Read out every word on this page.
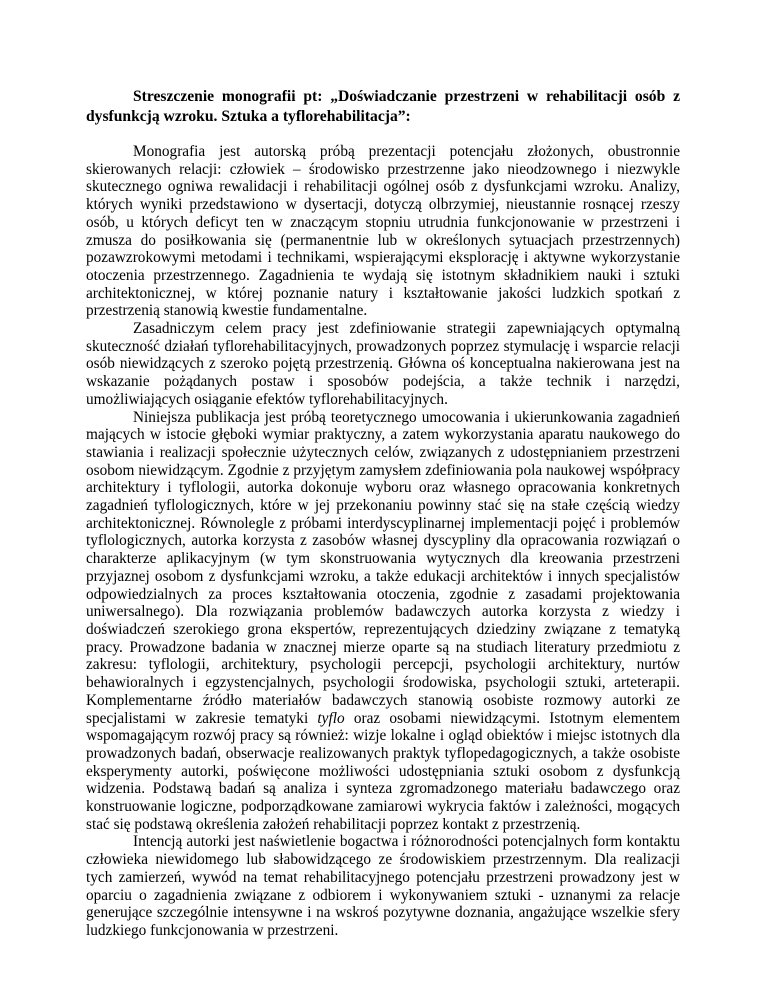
Streszczenie monografii pt: „Doświadczanie przestrzeni w rehabilitacji osób z dysfunkcją wzroku. Sztuka a tyflorehabilitacja”:

Monografia jest autorską próbą prezentacji potencjału złożonych, obustronnie skierowanych relacji: człowiek – środowisko przestrzenne jako nieodzownego i niezwykle skutecznego ogniwa rewalidacji i rehabilitacji ogólnej osób z dysfunkcjami wzroku. Analizy, których wyniki przedstawiono w dysertacji, dotyczą olbrzymiej, nieustannie rosnącej rzeszy osób, u których deficyt ten w znaczącym stopniu utrudnia funkcjonowanie w przestrzeni i zmusza do posiłkowania się (permanentnie lub w określonych sytuacjach przestrzennych) pozawzrokowymi metodami i technikami, wspierającymi eksplorację i aktywne wykorzystanie otoczenia przestrzennego. Zagadnienia te wydają się istotnym składnikiem nauki i sztuki architektonicznej, w której poznanie natury i kształtowanie jakości ludzkich spotkań z przestrzenią stanowią kwestie fundamentalne.

Zasadniczym celem pracy jest zdefiniowanie strategii zapewniających optymalną skuteczność działań tyflorehabilitacyjnych, prowadzonych poprzez stymulację i wsparcie relacji osób niewidzących z szeroko pojętą przestrzenią. Główna oś konceptualna nakierowana jest na wskazanie pożądanych postaw i sposobów podejścia, a także technik i narzędzi, umożliwiających osiąganie efektów tyflorehabilitacyjnych.

Niniejsza publikacja jest próbą teoretycznego umocowania i ukierunkowania zagadnień mających w istocie głęboki wymiar praktyczny, a zatem wykorzystania aparatu naukowego do stawiania i realizacji społecznie użytecznych celów, związanych z udostępnianiem przestrzeni osobom niewidzącym. Zgodnie z przyjętym zamysłem zdefiniowania pola naukowej współpracy architektury i tyflologii, autorka dokonuje wyboru oraz własnego opracowania konkretnych zagadnień tyflologicznych, które w jej przekonaniu powinny stać się na stałe częścią wiedzy architektonicznej. Równolegle z próbami interdyscyplinarnej implementacji pojęć i problemów tyflologicznych, autorka korzysta z zasobów własnej dyscypliny dla opracowania rozwiązań o charakterze aplikacyjnym (w tym skonstruowania wytycznych dla kreowania przestrzeni przyjaznej osobom z dysfunkcjami wzroku, a także edukacji architektów i innych specjalistów odpowiedzialnych za proces kształtowania otoczenia, zgodnie z zasadami projektowania uniwersalnego). Dla rozwiązania problemów badawczych autorka korzysta z wiedzy i doświadczeń szerokiego grona ekspertów, reprezentujących dziedziny związane z tematyką pracy. Prowadzone badania w znacznej mierze oparte są na studiach literatury przedmiotu z zakresu: tyflologii, architektury, psychologii percepcji, psychologii architektury, nurtów behawioralnych i egzystencjalnych, psychologii środowiska, psychologii sztuki, arteterapii. Komplementarne źródło materiałów badawczych stanowią osobiste rozmowy autorki ze specjalistami w zakresie tematyki tyflo oraz osobami niewidzącymi. Istotnym elementem wspomagającym rozwój pracy są również: wizje lokalne i ogląd obiektów i miejsc istotnych dla prowadzonych badań, obserwacje realizowanych praktyk tyflopedagogicznych, a także osobiste eksperymenty autorki, poświęcone możliwości udostępniania sztuki osobom z dysfunkcją widzenia. Podstawą badań są analiza i synteza zgromadzonego materiału badawczego oraz konstruowanie logiczne, podporządkowane zamiarowi wykrycia faktów i zależności, mogących stać się podstawą określenia założeń rehabilitacji poprzez kontakt z przestrzenią.

Intencją autorki jest naświetlenie bogactwa i różnorodności potencjalnych form kontaktu człowieka niewidomego lub słabowidzącego ze środowiskiem przestrzennym. Dla realizacji tych zamierzeń, wywód na temat rehabilitacyjnego potencjału przestrzeni prowadzony jest w oparciu o zagadnienia związane z odbiorem i wykonywaniem sztuki - uznanymi za relacje generujące szczególnie intensywne i na wskroś pozytywne doznania, angażujące wszelkie sfery ludzkiego funkcjonowania w przestrzeni.
